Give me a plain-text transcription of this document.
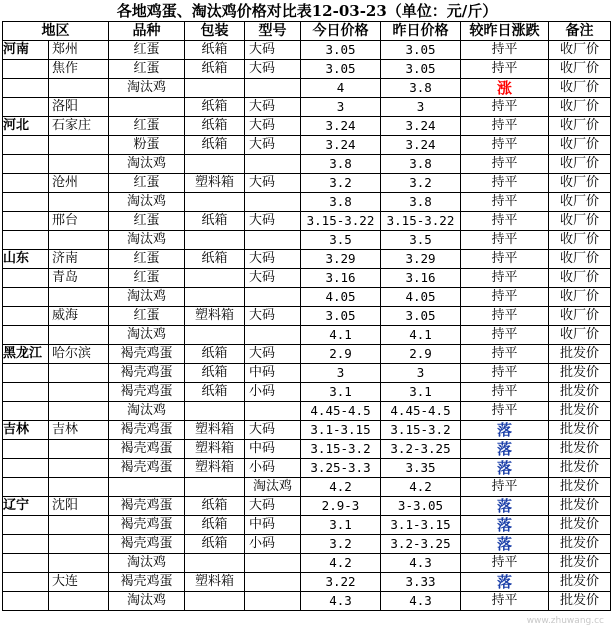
各地鸡蛋、淘汰鸡价格对比表12-03-23（单位：元/斤）
地区		品种	包装	型号	今日价格	昨日价格	较昨日涨跌	备注
河南	郑州	红蛋	纸箱	大码	3.05	3.05	持平	收厂价
	焦作	红蛋	纸箱	大码	3.05	3.05	持平	收厂价
		淘汰鸡			4	3.8	涨	收厂价
	洛阳		纸箱	大码	3	3	持平	收厂价
河北	石家庄	红蛋	纸箱	大码	3.24	3.24	持平	收厂价
		粉蛋	纸箱	大码	3.24	3.24	持平	收厂价
		淘汰鸡			3.8	3.8	持平	收厂价
	沧州	红蛋	塑料箱	大码	3.2	3.2	持平	收厂价
		淘汰鸡			3.8	3.8	持平	收厂价
	邢台	红蛋	纸箱	大码	3.15-3.22	3.15-3.22	持平	收厂价
		淘汰鸡			3.5	3.5	持平	收厂价
山东	济南	红蛋	纸箱	大码	3.29	3.29	持平	收厂价
	青岛	红蛋		大码	3.16	3.16	持平	收厂价
		淘汰鸡			4.05	4.05	持平	收厂价
	威海	红蛋	塑料箱	大码	3.05	3.05	持平	收厂价
		淘汰鸡			4.1	4.1	持平	收厂价
黑龙江	哈尔滨	褐壳鸡蛋	纸箱	大码	2.9	2.9	持平	批发价
		褐壳鸡蛋	纸箱	中码	3	3	持平	批发价
		褐壳鸡蛋	纸箱	小码	3.1	3.1	持平	批发价
		淘汰鸡			4.45-4.5	4.45-4.5	持平	批发价
吉林	吉林	褐壳鸡蛋	塑料箱	大码	3.1-3.15	3.15-3.2	落	批发价
		褐壳鸡蛋	塑料箱	中码	3.15-3.2	3.2-3.25	落	批发价
		褐壳鸡蛋	塑料箱	小码	3.25-3.3	3.35	落	批发价
				淘汰鸡	4.2	4.2	持平	批发价
辽宁	沈阳	褐壳鸡蛋	纸箱	大码	2.9-3	3-3.05	落	批发价
		褐壳鸡蛋	纸箱	中码	3.1	3.1-3.15	落	批发价
		褐壳鸡蛋	纸箱	小码	3.2	3.2-3.25	落	批发价
		淘汰鸡			4.2	4.3	持平	批发价
	大连	褐壳鸡蛋	塑料箱		3.22	3.33	落	批发价
		淘汰鸡			4.3	4.3	持平	批发价
www.zhuwang.cc
